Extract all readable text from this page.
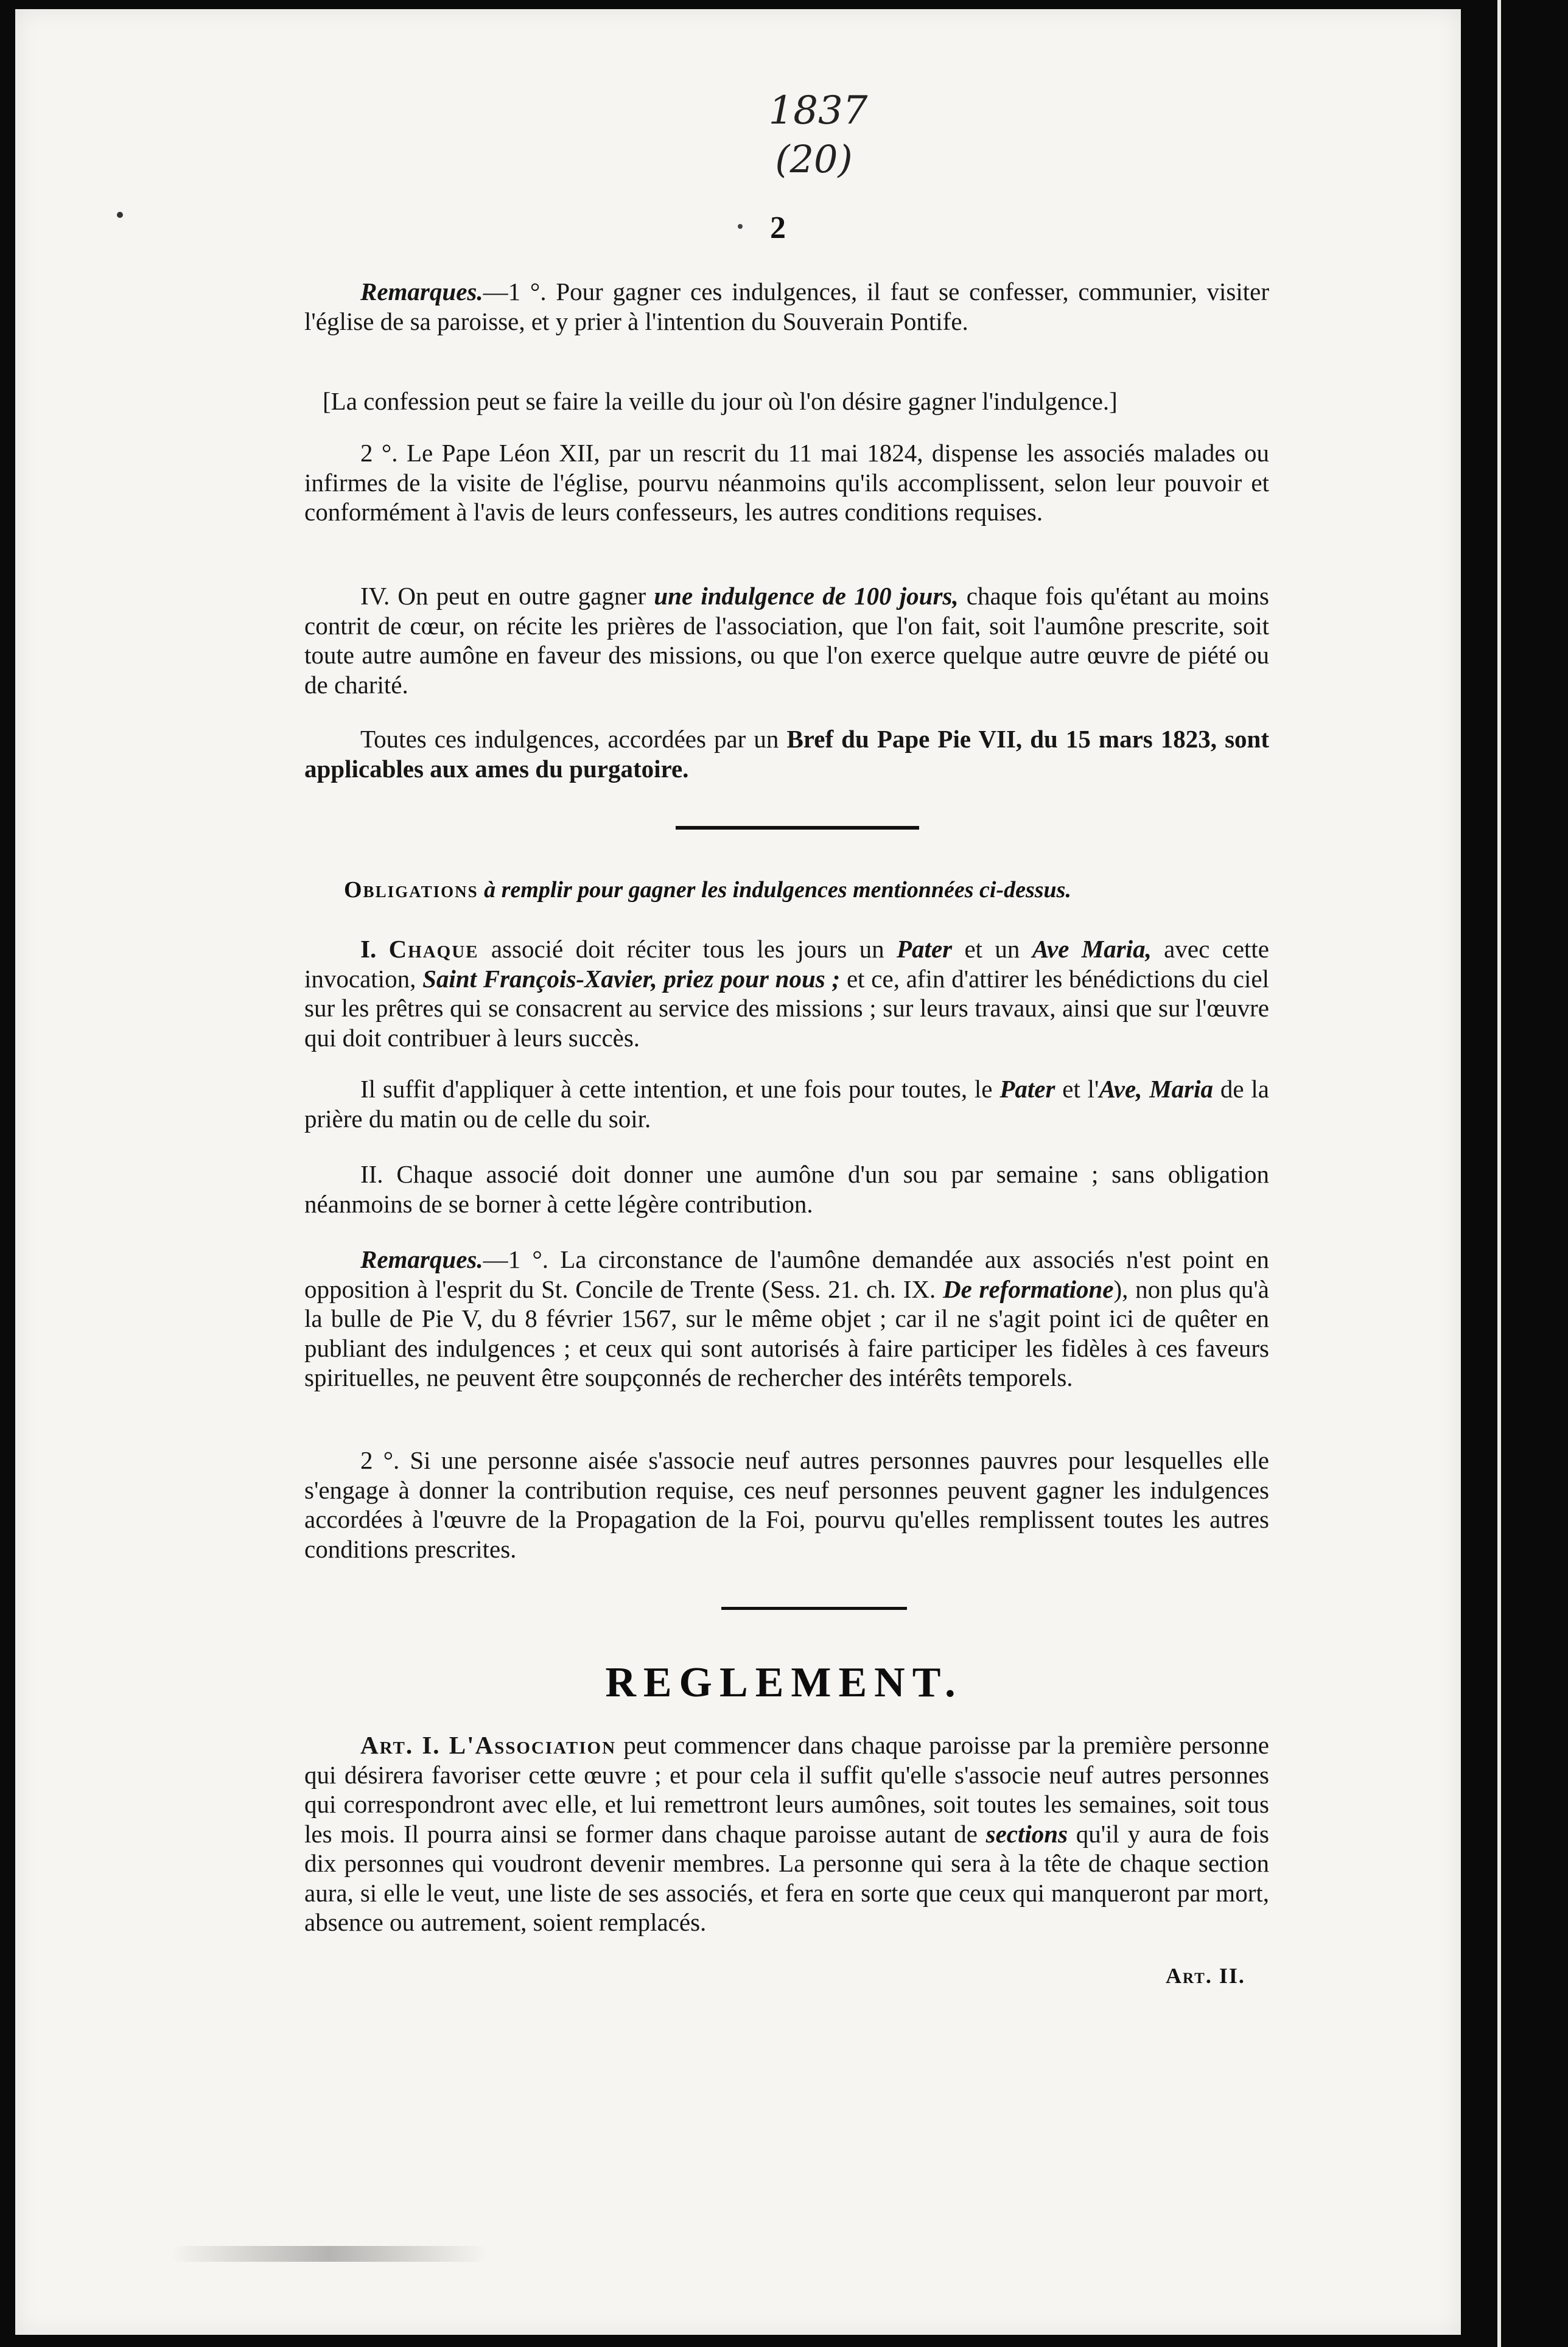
1837
(20)
2

Remarques.—1 °. Pour gagner ces indulgences, il faut se confesser, communier, visiter l'église de sa paroisse, et y prier à l'intention du Souverain Pontife.

[La confession peut se faire la veille du jour où l'on désire gagner l'indulgence.]

2 °. Le Pape Léon XII, par un rescrit du 11 mai 1824, dispense les associés malades ou infirmes de la visite de l'église, pourvu néanmoins qu'ils accomplissent, selon leur pouvoir et conformément à l'avis de leurs confesseurs, les autres conditions requises.

IV. On peut en outre gagner une indulgence de 100 jours, chaque fois qu'étant au moins contrit de cœur, on récite les prières de l'association, que l'on fait, soit l'aumône prescrite, soit toute autre aumône en faveur des missions, ou que l'on exerce quelque autre œuvre de piété ou de charité.

Toutes ces indulgences, accordées par un Bref du Pape Pie VII, du 15 mars 1823, sont applicables aux ames du purgatoire.

Obligations à remplir pour gagner les indulgences mentionnées ci-dessus.

I. Chaque associé doit réciter tous les jours un Pater et un Ave Maria, avec cette invocation, Saint François-Xavier, priez pour nous ; et ce, afin d'attirer les bénédictions du ciel sur les prêtres qui se consacrent au service des missions ; sur leurs travaux, ainsi que sur l'œuvre qui doit contribuer à leurs succès.

Il suffit d'appliquer à cette intention, et une fois pour toutes, le Pater et l'Ave, Maria de la prière du matin ou de celle du soir.

II. Chaque associé doit donner une aumône d'un sou par semaine ; sans obligation néanmoins de se borner à cette légère contribution.

Remarques.—1 °. La circonstance de l'aumône demandée aux associés n'est point en opposition à l'esprit du St. Concile de Trente (Sess. 21. ch. IX. De reformatione), non plus qu'à la bulle de Pie V, du 8 février 1567, sur le même objet ; car il ne s'agit point ici de quêter en publiant des indulgences ; et ceux qui sont autorisés à faire participer les fidèles à ces faveurs spirituelles, ne peuvent être soupçonnés de rechercher des intérêts temporels.

2 °. Si une personne aisée s'associe neuf autres personnes pauvres pour lesquelles elle s'engage à donner la contribution requise, ces neuf personnes peuvent gagner les indulgences accordées à l'œuvre de la Propagation de la Foi, pourvu qu'elles remplissent toutes les autres conditions prescrites.

REGLEMENT.

Art. I. L'Association peut commencer dans chaque paroisse par la première personne qui désirera favoriser cette œuvre ; et pour cela il suffit qu'elle s'associe neuf autres personnes qui correspondront avec elle, et lui remettront leurs aumônes, soit toutes les semaines, soit tous les mois. Il pourra ainsi se former dans chaque paroisse autant de sections qu'il y aura de fois dix personnes qui voudront devenir membres. La personne qui sera à la tête de chaque section aura, si elle le veut, une liste de ses associés, et fera en sorte que ceux qui manqueront par mort, absence ou autrement, soient remplacés.

Art. II.
